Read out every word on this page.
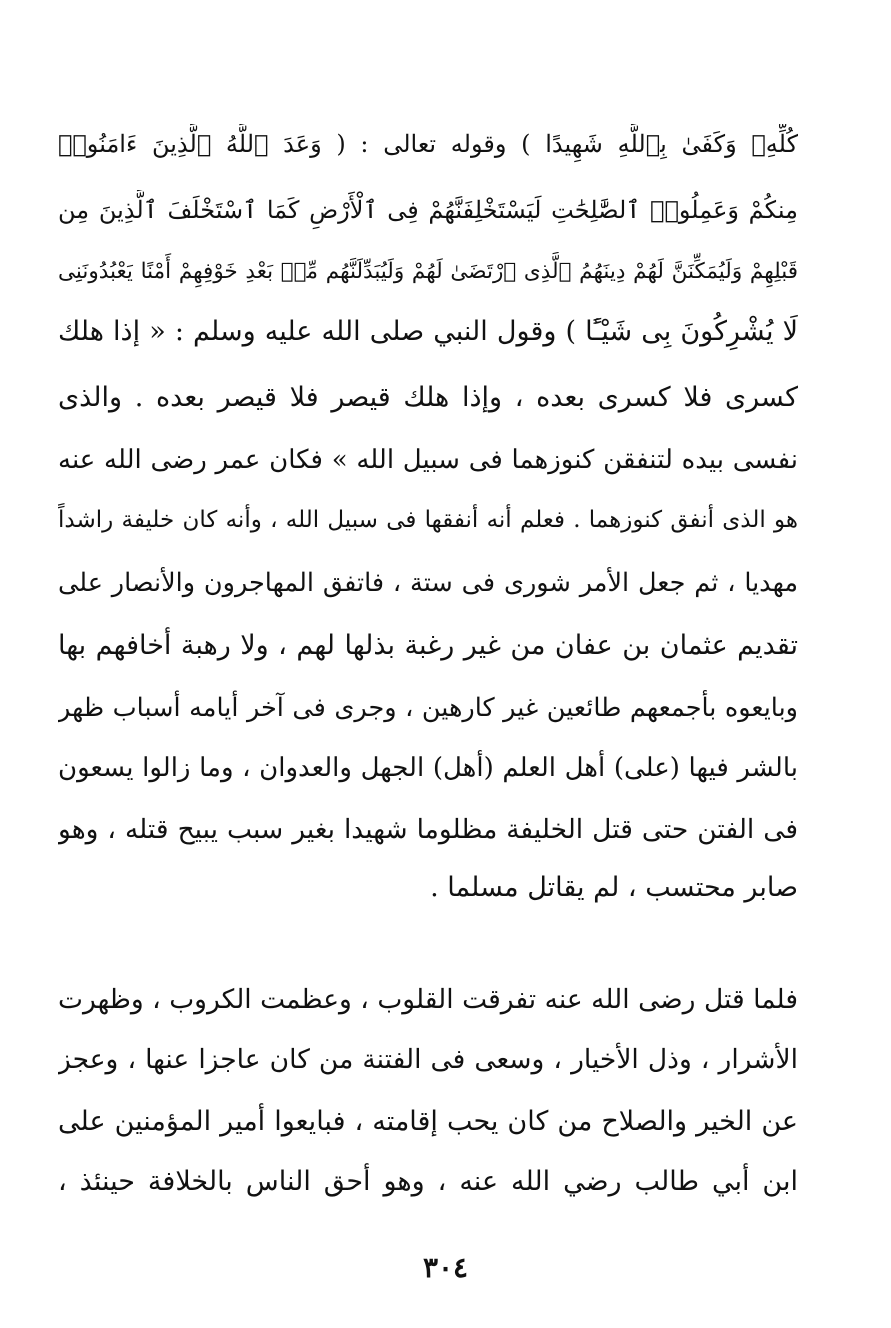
كُلِّهِۦ وَكَفَىٰ بِٱللَّهِ شَهِيدًا ) وقوله تعالى : ( وَعَدَ ٱللَّهُ ٱلَّذِينَ ءَامَنُوا۟
مِنكُمْ وَعَمِلُوا۟ ٱلصَّٰلِحَٰتِ لَيَسْتَخْلِفَنَّهُمْ فِى ٱلْأَرْضِ كَمَا ٱسْتَخْلَفَ ٱلَّذِينَ مِن
قَبْلِهِمْ وَلَيُمَكِّنَنَّ لَهُمْ دِينَهُمُ ٱلَّذِى ٱرْتَضَىٰ لَهُمْ وَلَيُبَدِّلَنَّهُم مِّنۢ بَعْدِ خَوْفِهِمْ أَمْنًا يَعْبُدُونَنِى
لَا يُشْرِكُونَ بِى شَيْـًٔا ) وقول النبي صلى الله عليه وسلم : « إذا هلك
كسرى فلا كسرى بعده ، وإذا هلك قيصر فلا قيصر بعده . والذى
نفسى بيده لتنفقن كنوزهما فى سبيل الله » فكان عمر رضى الله عنه
هو الذى أنفق كنوزهما . فعلم أنه أنفقها فى سبيل الله ، وأنه كان خليفة راشداً
مهديا ، ثم جعل الأمر شورى فى ستة ، فاتفق المهاجرون والأنصار على
تقديم عثمان بن عفان من غير رغبة بذلها لهم ، ولا رهبة أخافهم بها
وبايعوه بأجمعهم طائعين غير كارهين ، وجرى فى آخر أيامه أسباب ظهر
بالشر فيها (على) أهل العلم (أهل) الجهل والعدوان ، وما زالوا يسعون
فى الفتن حتى قتل الخليفة مظلوما شهيدا بغير سبب يبيح قتله ، وهو
صابر محتسب ، لم يقاتل مسلما .
فلما قتل رضى الله عنه تفرقت القلوب ، وعظمت الكروب ، وظهرت
الأشرار ، وذل الأخيار ، وسعى فى الفتنة من كان عاجزا عنها ، وعجز
عن الخير والصلاح من كان يحب إقامته ، فبايعوا أمير المؤمنين على
ابن أبي طالب رضي الله عنه ، وهو أحق الناس بالخلافة حينئذ ،
٣٠٤
